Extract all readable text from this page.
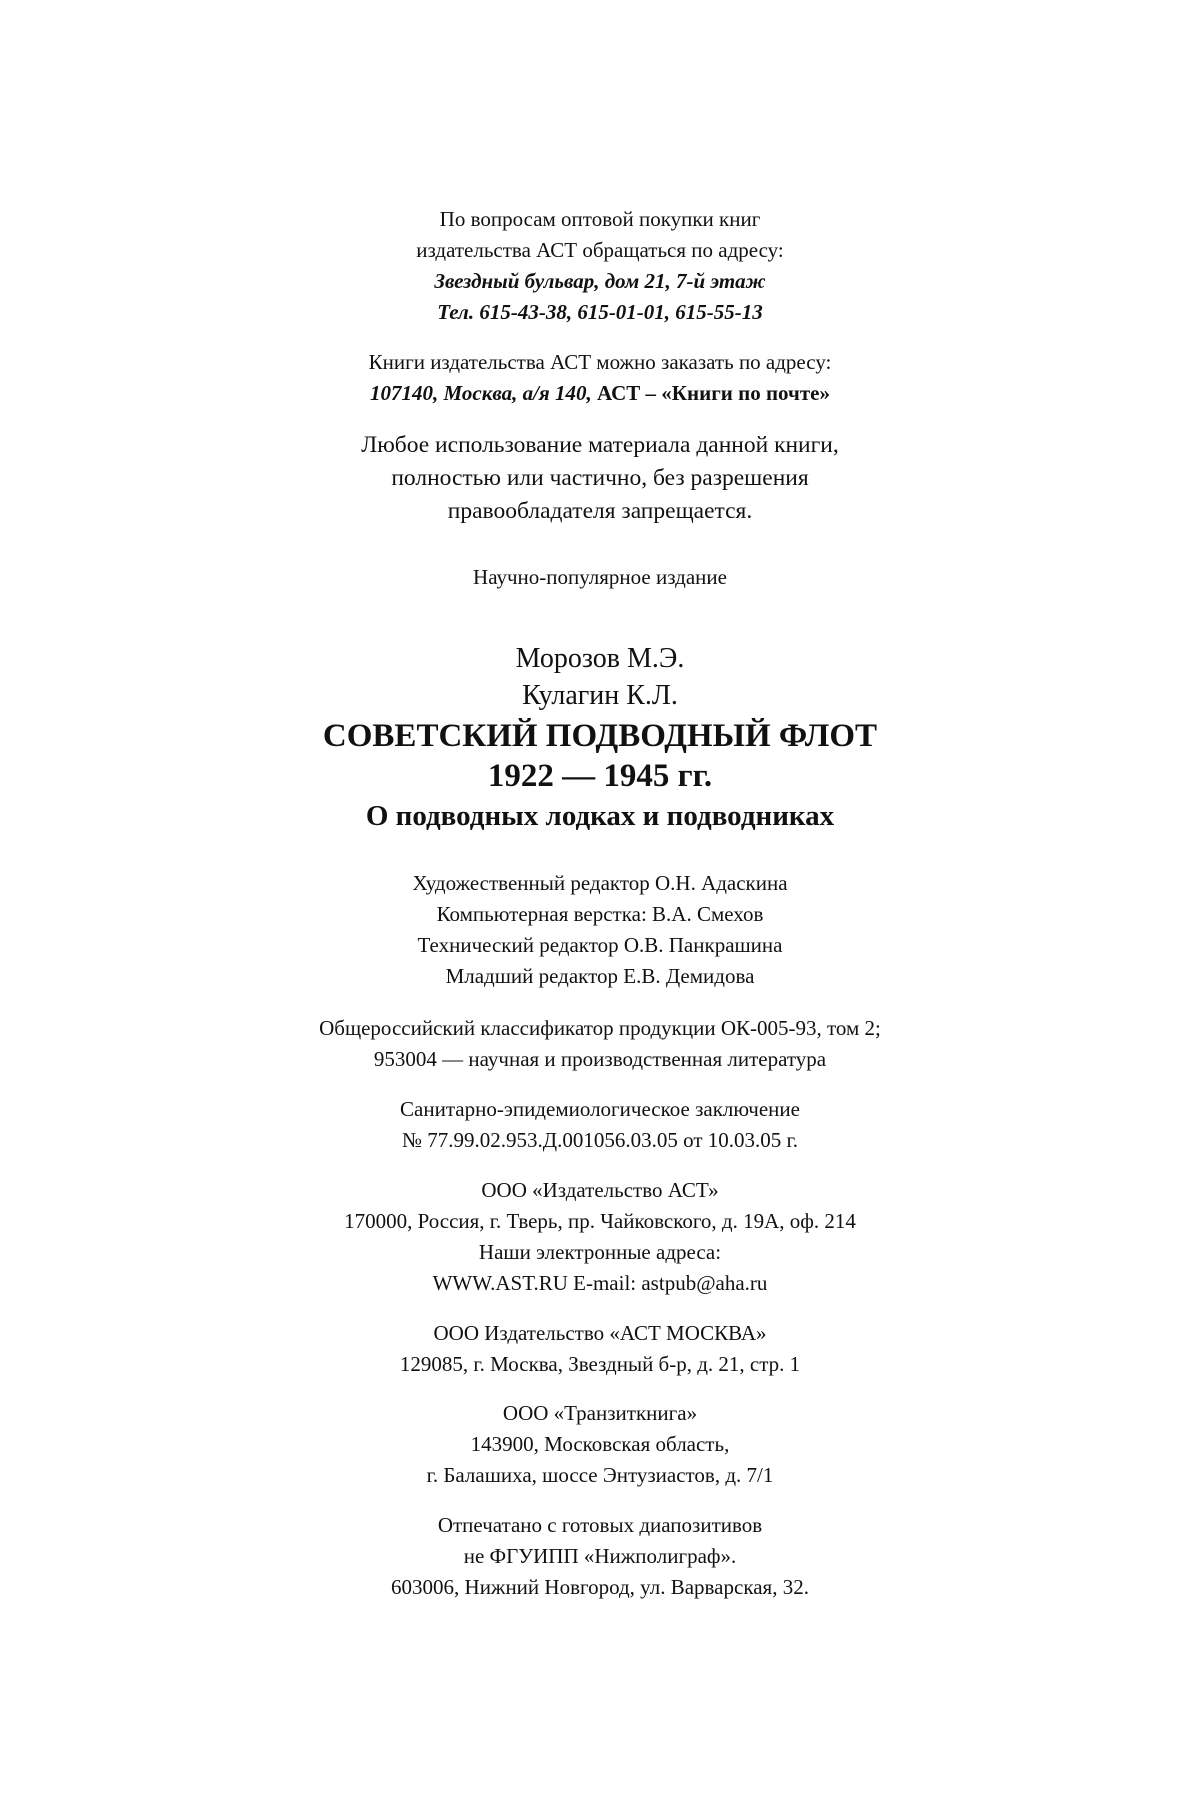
По вопросам оптовой покупки книг
издательства АСТ обращаться по адресу:
Звездный бульвар, дом 21, 7-й этаж
Тел. 615-43-38, 615-01-01, 615-55-13
Книги издательства АСТ можно заказать по адресу:
107140, Москва, а/я 140, АСТ – «Книги по почте»
Любое использование материала данной книги,
полностью или частично, без разрешения
правообладателя запрещается.
Научно-популярное издание
Морозов М.Э.
Кулагин К.Л.
СОВЕТСКИЙ ПОДВОДНЫЙ ФЛОТ
1922 — 1945 гг.
О подводных лодках и подводниках
Художественный редактор О.Н. Адаскина
Компьютерная верстка: В.А. Смехов
Технический редактор О.В. Панкрашина
Младший редактор Е.В. Демидова
Общероссийский классификатор продукции ОК-005-93, том 2;
953004 — научная и производственная литература
Санитарно-эпидемиологическое заключение
№ 77.99.02.953.Д.001056.03.05 от 10.03.05 г.
ООО «Издательство АСТ»
170000, Россия, г. Тверь, пр. Чайковского, д. 19А, оф. 214
Наши электронные адреса:
WWW.AST.RU E-mail: astpub@aha.ru
ООО Издательство «АСТ МОСКВА»
129085, г. Москва, Звездный б-р, д. 21, стр. 1
ООО «Транзиткнига»
143900, Московская область,
г. Балашиха, шоссе Энтузиастов, д. 7/1
Отпечатано с готовых диапозитивов
не ФГУИПП «Нижполиграф».
603006, Нижний Новгород, ул. Варварская, 32.
